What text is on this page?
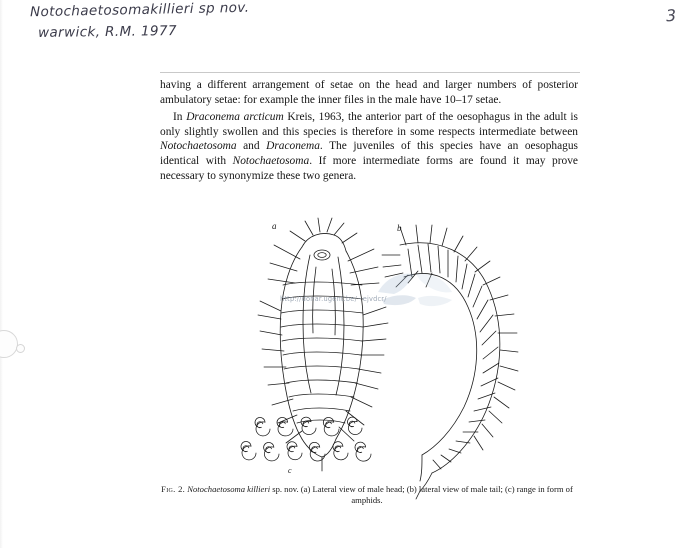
Notochaetosomakillieri sp nov.
warwick, R.M. 1977
3

having a different arrangement of setae on the head and larger numbers of posterior ambulatory setae: for example the inner files in the male have 10–17 setae.

In Draconema arcticum Kreis, 1963, the anterior part of the oesophagus in the adult is only slightly swollen and this species is therefore in some respects intermediate between Notochaetosoma and Draconema. The juveniles of this species have an oesophagus identical with Notochaetosoma. If more intermediate forms are found it may prove necessary to synonymize these two genera.

a	b
c
http://donar.ugent.be/~ejvdcr/
Fig. 2. Notochaetosoma killieri sp. nov. (a) Lateral view of male head; (b) lateral view of male tail; (c) range in form of amphids.
